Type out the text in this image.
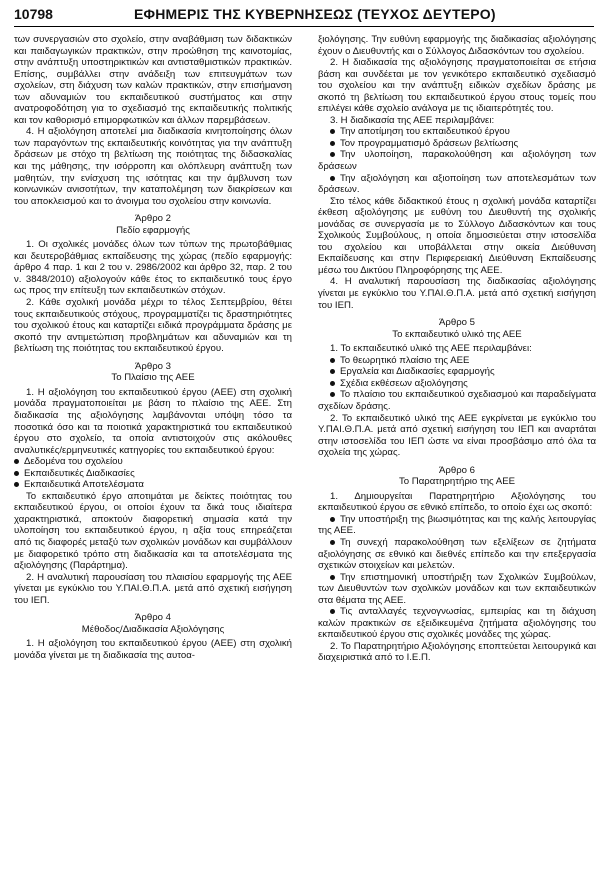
10798	ΕΦΗΜΕΡΙΣ ΤΗΣ ΚΥΒΕΡΝΗΣΕΩΣ (ΤΕΥΧΟΣ ΔΕΥΤΕΡΟ)

των συνεργασιών στο σχολείο, στην αναβάθμιση των διδακτικών και παιδαγωγικών πρακτικών, στην προώθηση της καινοτομίας, στην ανάπτυξη υποστηρικτικών και αντισταθμιστικών πρακτικών. Επίσης, συμβάλλει στην ανάδειξη των επιτευγμάτων των σχολείων, στη διάχυση των καλών πρακτικών, στην επισήμανση των αδυναμιών του εκπαιδευτικού συστήματος και στην ανατροφοδότηση για το σχεδιασμό της εκπαιδευτικής πολιτικής και τον καθορισμό επιμορφωτικών και άλλων παρεμβάσεων.

4. Η αξιολόγηση αποτελεί μια διαδικασία κινητοποίησης όλων των παραγόντων της εκπαιδευτικής κοινότητας για την ανάπτυξη δράσεων με στόχο τη βελτίωση της ποιότητας της διδασκαλίας και της μάθησης, την ισόρροπη και ολόπλευρη ανάπτυξη των μαθητών, την ενίσχυση της ισότητας και την άμβλυνση των κοινωνικών ανισοτήτων, την καταπολέμηση των διακρίσεων και του αποκλεισμού και το άνοιγμα του σχολείου στην κοινωνία.

Άρθρο 2

Πεδίο εφαρμογής

1. Οι σχολικές μονάδες όλων των τύπων της πρωτοβάθμιας και δευτεροβάθμιας εκπαίδευσης της χώρας (πεδίο εφαρμογής: άρθρο 4 παρ. 1 και 2 του ν. 2986/2002 και άρθρο 32, παρ. 2 του ν. 3848/2010) αξιολογούν κάθε έτος το εκπαιδευτικό τους έργο ως προς την επίτευξη των εκπαιδευτικών στόχων.

2. Κάθε σχολική μονάδα μέχρι το τέλος Σεπτεμβρίου, θέτει τους εκπαιδευτικούς στόχους, προγραμματίζει τις δραστηριότητες του σχολικού έτους και καταρτίζει ειδικά προγράμματα δράσης με σκοπό την αντιμετώπιση προβλημάτων και αδυναμιών και τη βελτίωση της ποιότητας του εκπαιδευτικού έργου.

Άρθρο 3

Το Πλαίσιο της ΑΕΕ

1. Η αξιολόγηση του εκπαιδευτικού έργου (ΑΕΕ) στη σχολική μονάδα πραγματοποιείται με βάση το πλαίσιο της ΑΕΕ. Στη διαδικασία της αξιολόγησης λαμβάνονται υπόψη τόσο τα ποσοτικά όσο και τα ποιοτικά χαρακτηριστικά του εκπαιδευτικού έργου στο σχολείο, τα οποία αντιστοιχούν στις ακόλουθες αναλυτικές/ερμηνευτικές κατηγορίες του εκπαιδευτικού έργου:

Δεδομένα του σχολείου

Εκπαιδευτικές Διαδικασίες

Εκπαιδευτικά Αποτελέσματα

Το εκπαιδευτικό έργο αποτιμάται με δείκτες ποιότητας του εκπαιδευτικού έργου, οι οποίοι έχουν τα δικά τους ιδιαίτερα χαρακτηριστικά, αποκτούν διαφορετική σημασία κατά την υλοποίηση του εκπαιδευτικού έργου, η αξία τους επηρεάζεται από τις διαφορές μεταξύ των σχολικών μονάδων και συμβάλλουν με διαφορετικό τρόπο στη διαδικασία και τα αποτελέσματα της αξιολόγησης (Παράρτημα).

2. Η αναλυτική παρουσίαση του πλαισίου εφαρμογής της ΑΕΕ γίνεται με εγκύκλιο του Υ.ΠΑΙ.Θ.Π.Α. μετά από σχετική εισήγηση του ΙΕΠ.

Άρθρο 4

Μέθοδος/Διαδικασία Αξιολόγησης

1. Η αξιολόγηση του εκπαιδευτικού έργου (ΑΕΕ) στη σχολική μονάδα γίνεται με τη διαδικασία της αυτοα-

ξιολόγησης. Την ευθύνη εφαρμογής της διαδικασίας αξιολόγησης έχουν ο Διευθυντής και ο Σύλλογος Διδασκόντων του σχολείου.

2. Η διαδικασία της αξιολόγησης πραγματοποιείται σε ετήσια βάση και συνδέεται με τον γενικότερο εκπαιδευτικό σχεδιασμό του σχολείου και την ανάπτυξη ειδικών σχεδίων δράσης με σκοπό τη βελτίωση του εκπαιδευτικού έργου στους τομείς που επιλέγει κάθε σχολείο ανάλογα με τις ιδιαιτερότητές του.

3. Η διαδικασία της ΑΕΕ περιλαμβάνει:

Την αποτίμηση του εκπαιδευτικού έργου

Τον προγραμματισμό δράσεων βελτίωσης

Την υλοποίηση, παρακολούθηση και αξιολόγηση των δράσεων

Την αξιολόγηση και αξιοποίηση των αποτελεσμάτων των δράσεων.

Στο τέλος κάθε διδακτικού έτους η σχολική μονάδα καταρτίζει έκθεση αξιολόγησης με ευθύνη του Διευθυντή της σχολικής μονάδας σε συνεργασία με το Σύλλογο Διδασκόντων και τους Σχολικούς Συμβούλους, η οποία δημοσιεύεται στην ιστοσελίδα του σχολείου και υποβάλλεται στην οικεία Διεύθυνση Εκπαίδευσης και στην Περιφερειακή Διεύθυνση Εκπαίδευσης μέσω του Δικτύου Πληροφόρησης της ΑΕΕ.

4. Η αναλυτική παρουσίαση της διαδικασίας αξιολόγησης γίνεται με εγκύκλιο του Υ.ΠΑΙ.Θ.Π.Α. μετά από σχετική εισήγηση του ΙΕΠ.

Άρθρο 5

Το εκπαιδευτικό υλικό της ΑΕΕ

1. Το εκπαιδευτικό υλικό της ΑΕΕ περιλαμβάνει:

Το θεωρητικό πλαίσιο της ΑΕΕ

Εργαλεία και Διαδικασίες εφαρμογής

Σχέδια εκθέσεων αξιολόγησης

Το πλαίσιο του εκπαιδευτικού σχεδιασμού και παραδείγματα σχεδίων δράσης.

2. Το εκπαιδευτικό υλικό της ΑΕΕ εγκρίνεται με εγκύκλιο του Υ.ΠΑΙ.Θ.Π.Α. μετά από σχετική εισήγηση του ΙΕΠ και αναρτάται στην ιστοσελίδα του ΙΕΠ ώστε να είναι προσβάσιμο από όλα τα σχολεία της χώρας.

Άρθρο 6

Το Παρατηρητήριο της ΑΕΕ

1. Δημιουργείται Παρατηρητήριο Αξιολόγησης του εκπαιδευτικού έργου σε εθνικό επίπεδο, το οποίο έχει ως σκοπό:

Την υποστήριξη της βιωσιμότητας και της καλής λειτουργίας της ΑΕΕ.

Τη συνεχή παρακολούθηση των εξελίξεων σε ζητήματα αξιολόγησης σε εθνικό και διεθνές επίπεδο και την επεξεργασία σχετικών στοιχείων και μελετών.

Την επιστημονική υποστήριξη των Σχολικών Συμβούλων, των Διευθυντών των σχολικών μονάδων και των εκπαιδευτικών στα θέματα της ΑΕΕ.

Τις ανταλλαγές τεχνογνωσίας, εμπειρίας και τη διάχυση καλών πρακτικών σε εξειδικευμένα ζητήματα αξιολόγησης του εκπαιδευτικού έργου στις σχολικές μονάδες της χώρας.

2. Το Παρατηρητήριο Αξιολόγησης εποπτεύεται λειτουργικά και διαχειριστικά από το Ι.Ε.Π.
